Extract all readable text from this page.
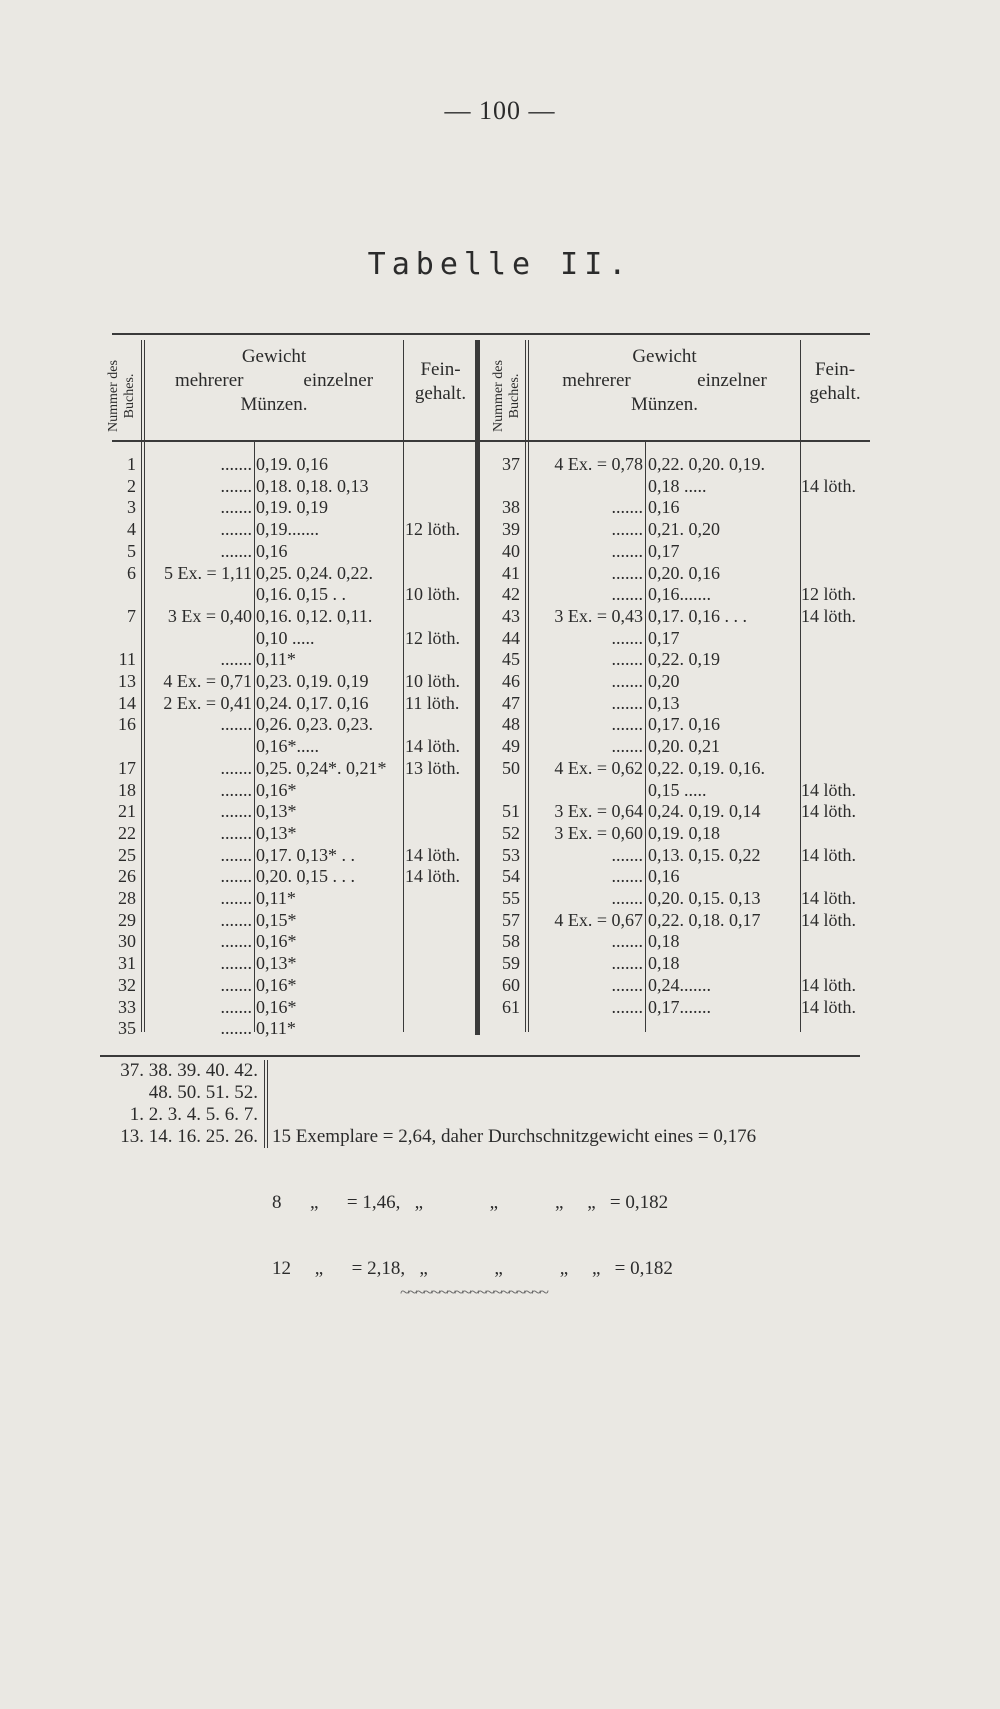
— 100 —
Tabelle II.
Nummer des Buches.
Gewicht
mehrerer	einzelner
Münzen.
Fein-
gehalt.	Nummer des Buches.
Gewicht
mehrerer	einzelner
Münzen.
Fein-
gehalt.
1	....... 0,19. 0,16
2	....... 0,18. 0,18. 0,13
3	....... 0,19. 0,19
4	....... 0,19.......	12 löth.
5	....... 0,16
6	5 Ex. = 1,11 0,25. 0,24. 0,22.
0,16. 0,15 . .	10 löth.
7	3 Ex = 0,40 0,16. 0,12. 0,11.
0,10 .....	12 löth.
11	....... 0,11*
13	4 Ex. = 0,71 0,23. 0,19. 0,19	10 löth.
14	2 Ex. = 0,41 0,24. 0,17. 0,16	11 löth.
16	....... 0,26. 0,23. 0,23.
0,16*.....	14 löth.
17	....... 0,25. 0,24*. 0,21*	13 löth.
18	....... 0,16*
21	....... 0,13*
22	....... 0,13*
25	....... 0,17. 0,13* . .	14 löth.
26	....... 0,20. 0,15 . . .	14 löth.
28	....... 0,11*
29	....... 0,15*
30	....... 0,16*
31	....... 0,13*
32	....... 0,16*
33	....... 0,16*
35	....... 0,11*
37	4 Ex. = 0,78 0,22. 0,20. 0,19.
0,18 .....	14 löth.
38	....... 0,16
39	....... 0,21. 0,20
40	....... 0,17
41	....... 0,20. 0,16
42	....... 0,16.......	12 löth.
43	3 Ex. = 0,43 0,17. 0,16 . . .	14 löth.
44	....... 0,17
45	....... 0,22. 0,19
46	....... 0,20
47	....... 0,13
48	....... 0,17. 0,16
49	....... 0,20. 0,21
50	4 Ex. = 0,62 0,22. 0,19. 0,16.
0,15 .....	14 löth.
51	3 Ex. = 0,64 0,24. 0,19. 0,14	14 löth.
52	3 Ex. = 0,60 0,19. 0,18
53	....... 0,13. 0,15. 0,22	14 löth.
54	....... 0,16
55	....... 0,20. 0,15. 0,13	14 löth.
57	4 Ex. = 0,67 0,22. 0,18. 0,17	14 löth.
58	....... 0,18
59	....... 0,18
60	....... 0,24.......	14 löth.
61	....... 0,17.......	14 löth.
37. 38. 39. 40. 42.
48. 50. 51. 52.
1. 2. 3. 4. 5. 6. 7.
13. 14. 16. 25. 26.

15 Exemplare = 2,64, daher Durchschnitzgewicht eines = 0,176

8      „      = 1,46,   „              „            „     „   = 0,182

12     „      = 2,18,   „              „            „     „   = 0,182

~~~~~~~~~~~~~~~~~~~
